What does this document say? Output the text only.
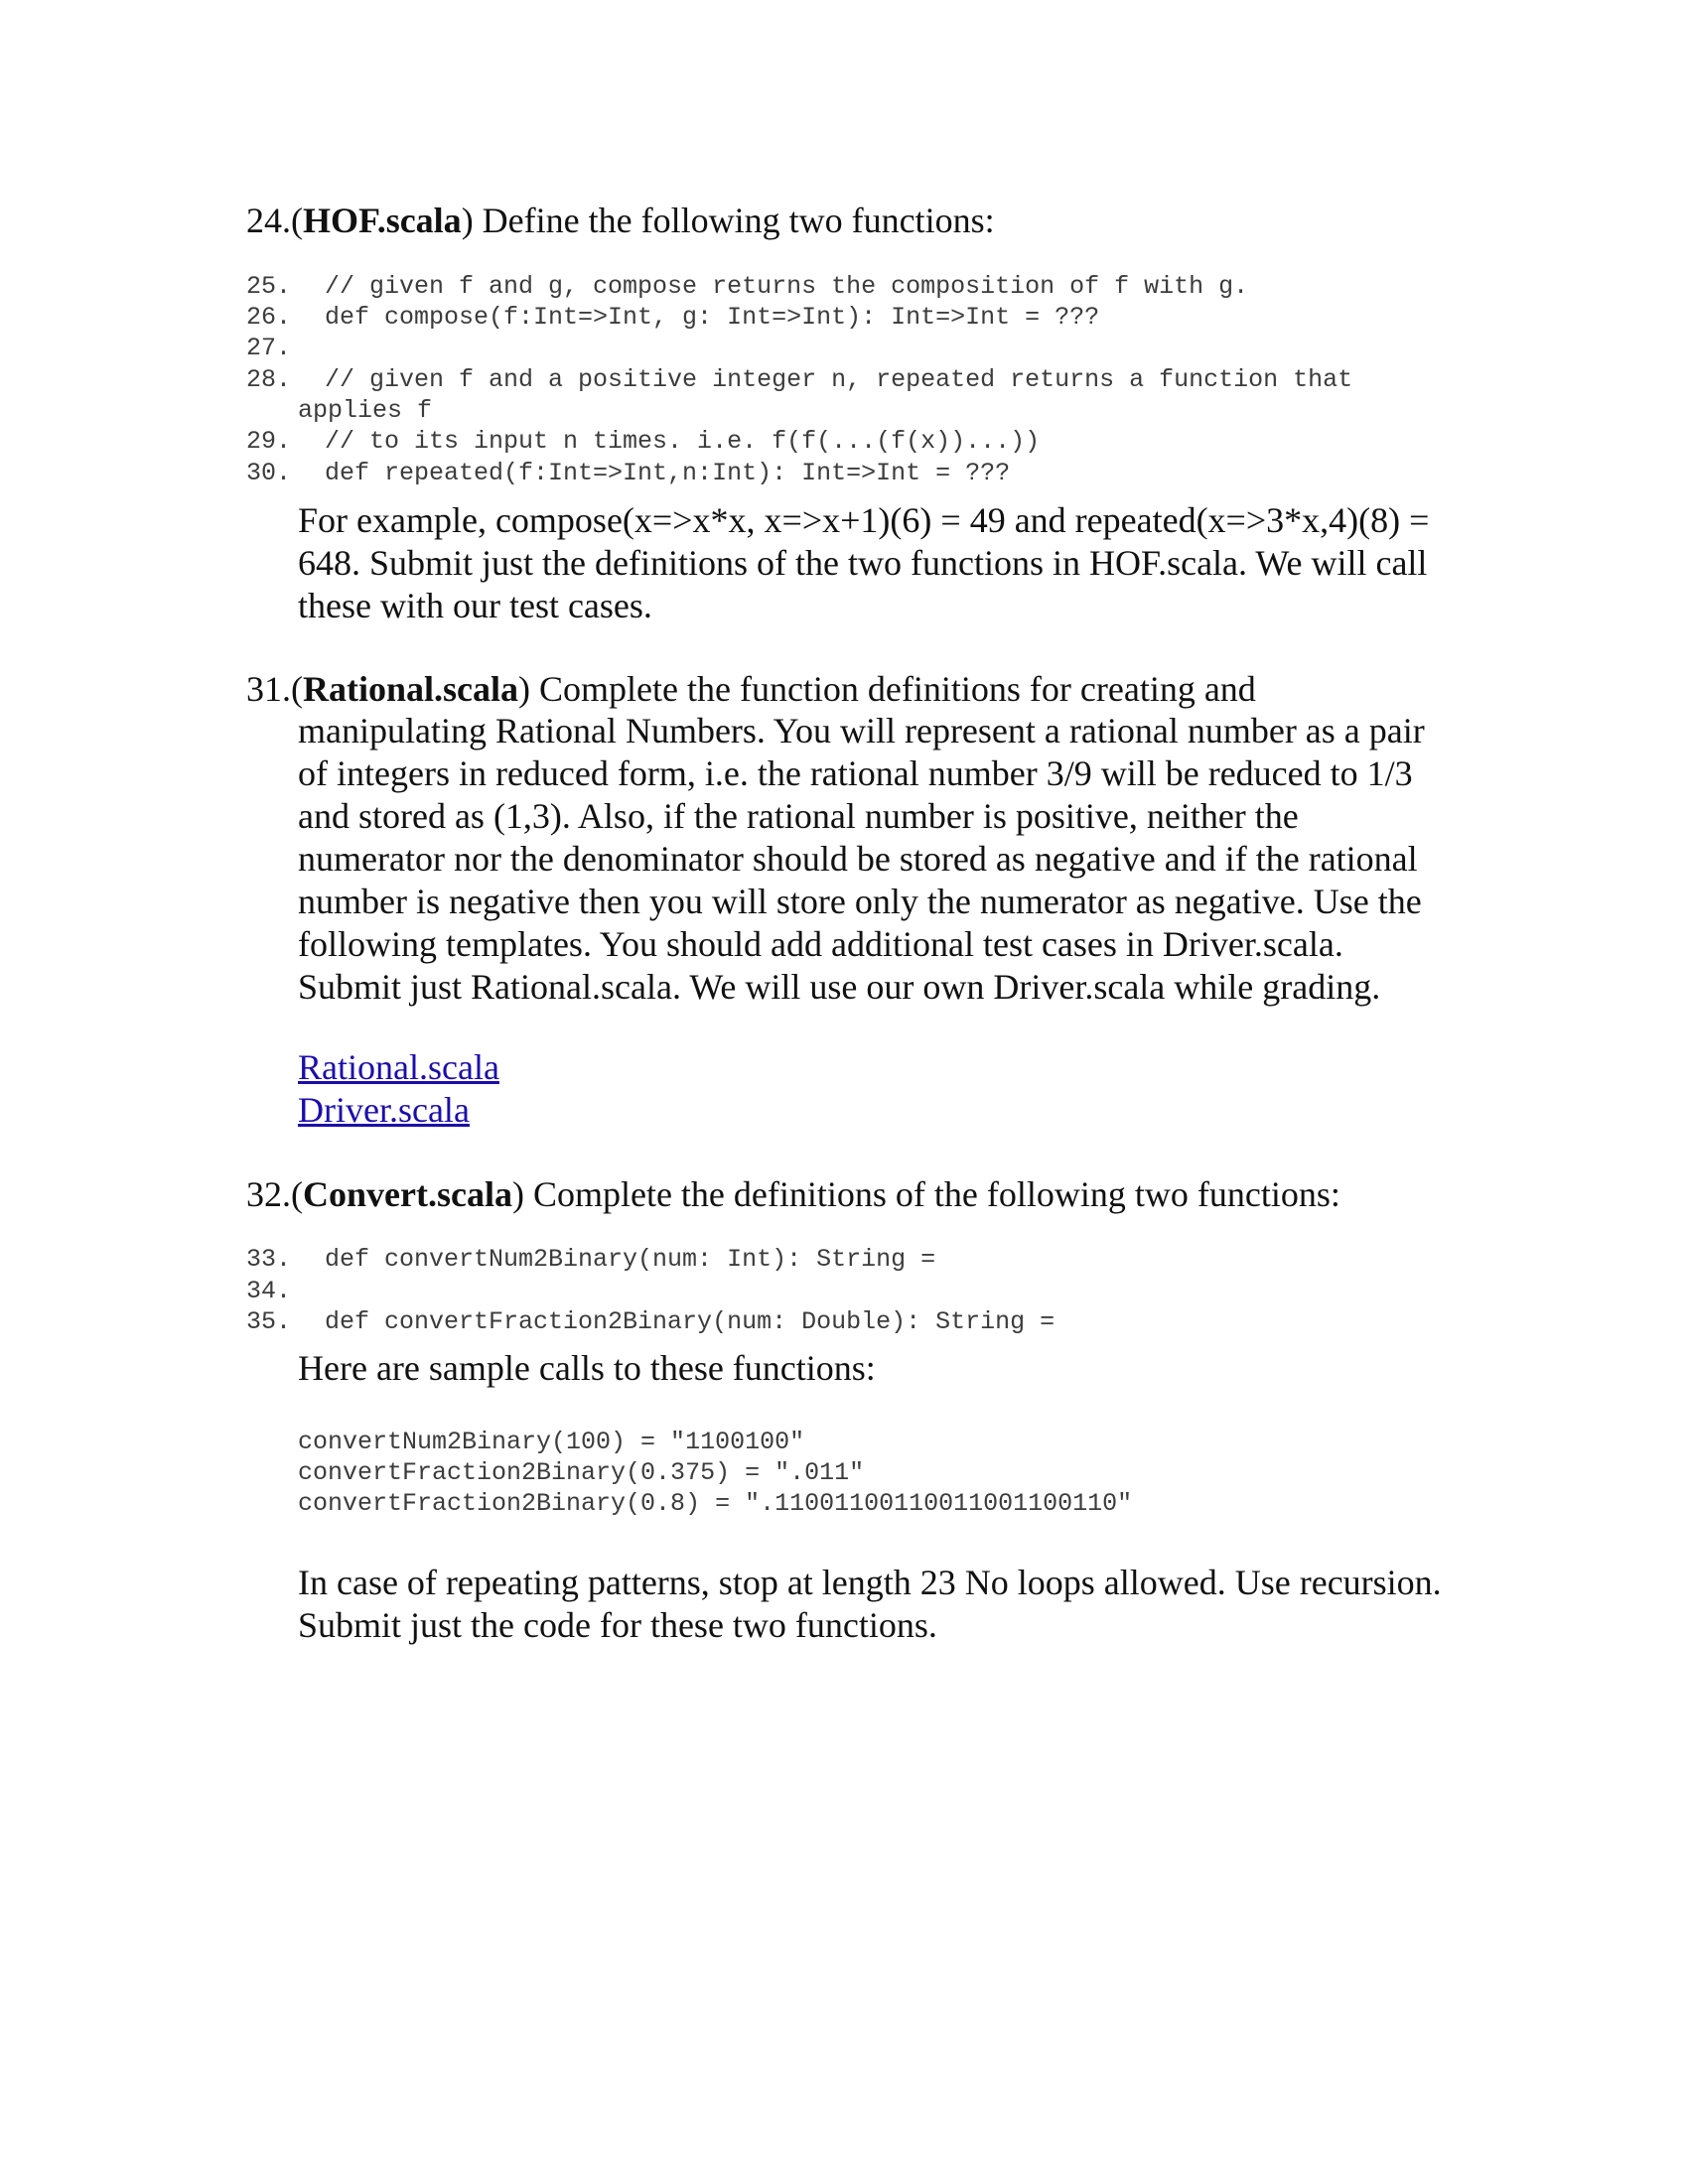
24.(HOF.scala) Define the following two functions:

25. // given f and g, compose returns the composition of f with g.

26. def compose(f:Int=>Int, g: Int=>Int): Int=>Int = ???

27.

28. // given f and a positive integer n, repeated returns a function that

applies f

29. // to its input n times. i.e. f(f(...(f(x))...))

30. def repeated(f:Int=>Int,n:Int): Int=>Int = ???

For example, compose(x=>x*x, x=>x+1)(6) = 49 and repeated(x=>3*x,4)(8) =
648. Submit just the definitions of the two functions in HOF.scala. We will call
these with our test cases.
31.(Rational.scala) Complete the function definitions for creating and
manipulating Rational Numbers. You will represent a rational number as a pair
of integers in reduced form, i.e. the rational number 3/9 will be reduced to 1/3
and stored as (1,3). Also, if the rational number is positive, neither the
numerator nor the denominator should be stored as negative and if the rational
number is negative then you will store only the numerator as negative. Use the
following templates. You should add additional test cases in Driver.scala.
Submit just Rational.scala. We will use our own Driver.scala while grading.
Rational.scala
Driver.scala
32.(Convert.scala) Complete the definitions of the following two functions:

33. def convertNum2Binary(num: Int): String =

34.

35. def convertFraction2Binary(num: Double): String =

Here are sample calls to these functions:

convertNum2Binary(100) = "1100100"

convertFraction2Binary(0.375) = ".011"

convertFraction2Binary(0.8) = ".11001100110011001100110"

In case of repeating patterns, stop at length 23 No loops allowed. Use recursion.
Submit just the code for these two functions.
